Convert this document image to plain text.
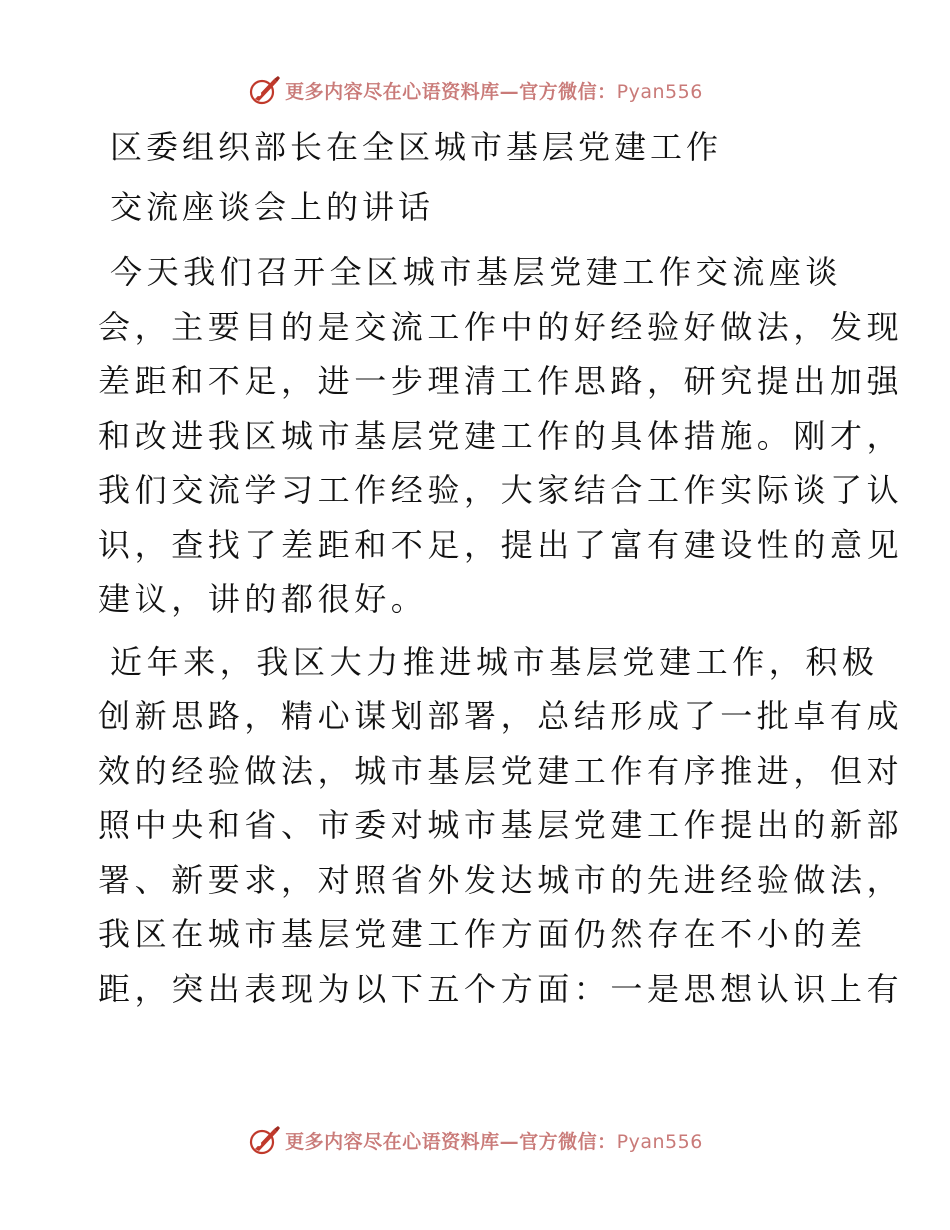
更多内容尽在心语资料库—官方微信：Pyan556

区委组织部长在全区城市基层党建工作

交流座谈会上的讲话

今天我们召开全区城市基层党建工作交流座谈
会，主要目的是交流工作中的好经验好做法，发现
差距和不足，进一步理清工作思路，研究提出加强
和改进我区城市基层党建工作的具体措施。刚才，
我们交流学习工作经验，大家结合工作实际谈了认
识，查找了差距和不足，提出了富有建设性的意见
建议，讲的都很好。

近年来，我区大力推进城市基层党建工作，积极
创新思路，精心谋划部署，总结形成了一批卓有成
效的经验做法，城市基层党建工作有序推进，但对
照中央和省、市委对城市基层党建工作提出的新部
署、新要求，对照省外发达城市的先进经验做法，
我区在城市基层党建工作方面仍然存在不小的差
距，突出表现为以下五个方面：一是思想认识上有

更多内容尽在心语资料库—官方微信：Pyan556
